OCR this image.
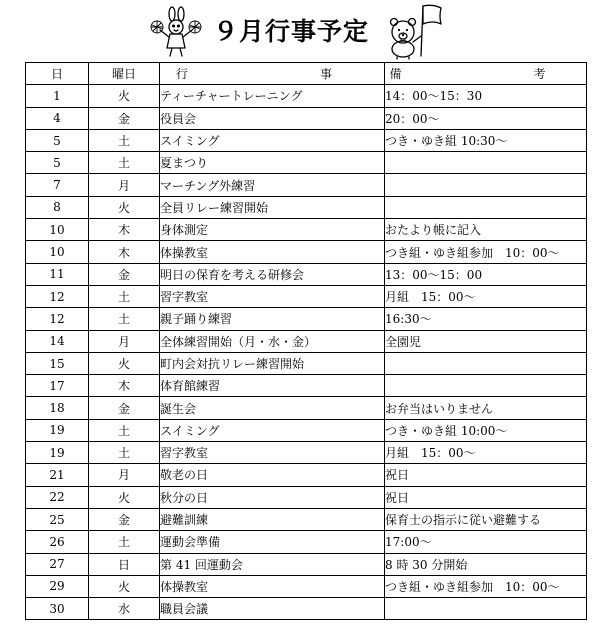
９月行事予定
日	曜日	行　　事	備　　考
1	火	ティーチャートレーニング	14：00〜15：30
4	金	役員会	20：00〜
5	土	スイミング	つき・ゆき組 10:30〜
5	土	夏まつり	
7	月	マーチング外練習	
8	火	全員リレー練習開始	
10	木	身体測定	おたより帳に記入
10	木	体操教室	つき組・ゆき組参加　10：00〜
11	金	明日の保育を考える研修会	13：00〜15：00
12	土	習字教室	月組　15：00〜
12	土	親子踊り練習	16:30〜
14	月	全体練習開始（月・水・金）	全園児
15	火	町内会対抗リレー練習開始	
17	木	体育館練習	
18	金	誕生会	お弁当はいりません
19	土	スイミング	つき・ゆき組 10:00〜
19	土	習字教室	月組　15：00〜
21	月	敬老の日	祝日
22	火	秋分の日	祝日
25	金	避難訓練	保育士の指示に従い避難する
26	土	運動会準備	17:00〜
27	日	第 41 回運動会	8 時 30 分開始
29	火	体操教室	つき組・ゆき組参加　10：00〜
30	水	職員会議	
